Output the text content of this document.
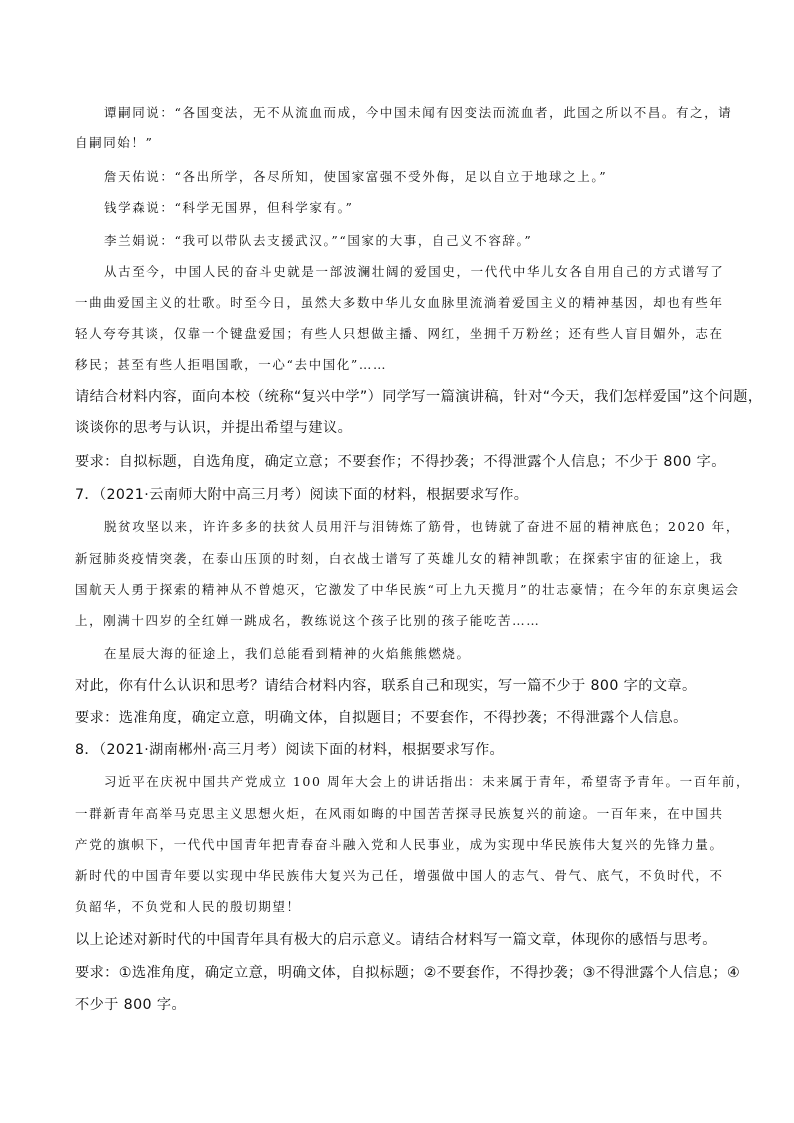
谭嗣同说：“各国变法，无不从流血而成，今中国未闻有因变法而流血者，此国之所以不昌。有之，请
自嗣同始！”
詹天佑说：“各出所学，各尽所知，使国家富强不受外侮，足以自立于地球之上。”
钱学森说：“科学无国界，但科学家有。”
李兰娟说：“我可以带队去支援武汉。”“国家的大事，自己义不容辞。”
从古至今，中国人民的奋斗史就是一部波澜壮阔的爱国史，一代代中华儿女各自用自己的方式谱写了
一曲曲爱国主义的壮歌。时至今日，虽然大多数中华儿女血脉里流淌着爱国主义的精神基因，却也有些年
轻人夸夸其谈，仅靠一个键盘爱国；有些人只想做主播、网红，坐拥千万粉丝；还有些人盲目媚外，志在
移民；甚至有些人拒唱国歌，一心“去中国化”……
请结合材料内容，面向本校（统称“复兴中学”）同学写一篇演讲稿，针对“今天，我们怎样爱国”这个问题，
谈谈你的思考与认识，并提出希望与建议。
要求：自拟标题，自选角度，确定立意；不要套作；不得抄袭；不得泄露个人信息；不少于 800 字。
7．（2021·云南师大附中高三月考）阅读下面的材料，根据要求写作。
脱贫攻坚以来，许许多多的扶贫人员用汗与泪铸炼了筋骨，也铸就了奋进不屈的精神底色；2020 年，
新冠肺炎疫情突袭，在泰山压顶的时刻，白衣战士谱写了英雄儿女的精神凯歌；在探索宇宙的征途上，我
国航天人勇于探索的精神从不曾熄灭，它激发了中华民族“可上九天揽月”的壮志豪情；在今年的东京奥运会
上，刚满十四岁的全红婵一跳成名，教练说这个孩子比别的孩子能吃苦……
在星辰大海的征途上，我们总能看到精神的火焰熊熊燃烧。
对此，你有什么认识和思考？请结合材料内容，联系自己和现实，写一篇不少于 800 字的文章。
要求：选准角度，确定立意，明确文体，自拟题目；不要套作，不得抄袭；不得泄露个人信息。
8．（2021·湖南郴州·高三月考）阅读下面的材料，根据要求写作。
习近平在庆祝中国共产党成立 100 周年大会上的讲话指出：未来属于青年，希望寄予青年。一百年前，
一群新青年高举马克思主义思想火炬，在风雨如晦的中国苦苦探寻民族复兴的前途。一百年来，在中国共
产党的旗帜下，一代代中国青年把青春奋斗融入党和人民事业，成为实现中华民族伟大复兴的先锋力量。
新时代的中国青年要以实现中华民族伟大复兴为己任，增强做中国人的志气、骨气、底气，不负时代，不
负韶华，不负党和人民的殷切期望！
以上论述对新时代的中国青年具有极大的启示意义。请结合材料写一篇文章，体现你的感悟与思考。
要求：①选准角度，确定立意，明确文体，自拟标题；②不要套作，不得抄袭；③不得泄露个人信息；④
不少于 800 字。
